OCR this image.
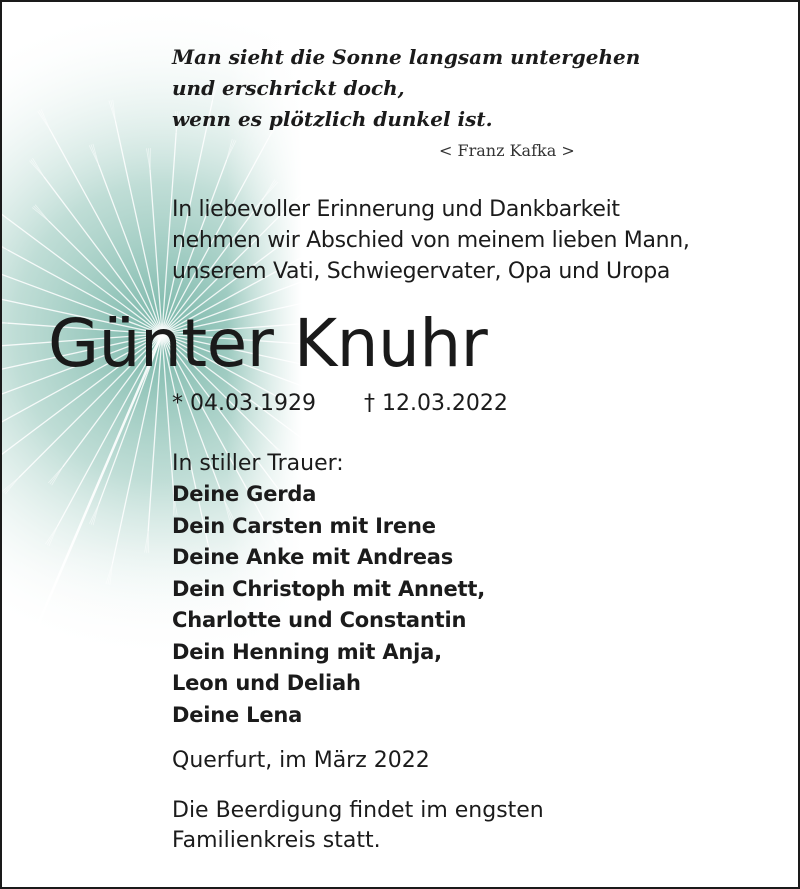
Man sieht die Sonne langsam untergehen
und erschrickt doch,
wenn es plötzlich dunkel ist.
< Franz Kafka >
In liebevoller Erinnerung und Dankbarkeit
nehmen wir Abschied von meinem lieben Mann,
unserem Vati, Schwiegervater, Opa und Uropa
Günter Knuhr
* 04.03.1929 † 12.03.2022
In stiller Trauer:
Deine Gerda
Dein Carsten mit Irene
Deine Anke mit Andreas
Dein Christoph mit Annett,
Charlotte und Constantin
Dein Henning mit Anja,
Leon und Deliah
Deine Lena
Querfurt, im März 2022
Die Beerdigung findet im engsten
Familienkreis statt.
